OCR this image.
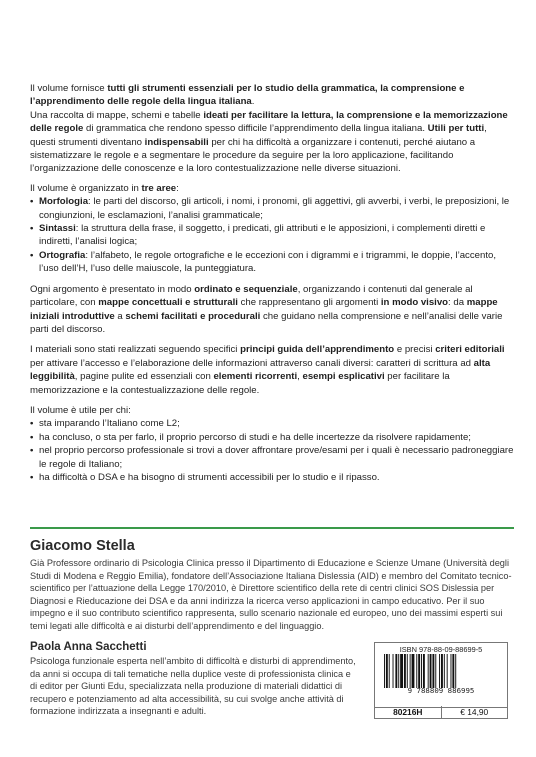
Il volume fornisce tutti gli strumenti essenziali per lo studio della grammatica, la comprensione e l’apprendimento delle regole della lingua italiana.

Una raccolta di mappe, schemi e tabelle ideati per facilitare la lettura, la comprensione e la memorizzazione delle regole di grammatica che rendono spesso difficile l’apprendimento della lingua italiana. Utili per tutti, questi strumenti diventano indispensabili per chi ha difficoltà a organizzare i contenuti, perché aiutano a sistematizzare le regole e a segmentare le procedure da seguire per la loro applicazione, facilitando l’organizzazione delle conoscenze e la loro contestualizzazione nelle diverse situazioni.

Il volume è organizzato in tre aree:

• Morfologia: le parti del discorso, gli articoli, i nomi, i pronomi, gli aggettivi, gli avverbi, i verbi, le preposizioni, le congiunzioni, le esclamazioni, l’analisi grammaticale;
• Sintassi: la struttura della frase, il soggetto, i predicati, gli attributi e le apposizioni, i complementi diretti e indiretti, l’analisi logica;
• Ortografia: l’alfabeto, le regole ortografiche e le eccezioni con i digrammi e i trigrammi, le doppie, l’accento, l’uso dell’H, l’uso delle maiuscole, la punteggiatura.

Ogni argomento è presentato in modo ordinato e sequenziale, organizzando i contenuti dal generale al particolare, con mappe concettuali e strutturali che rappresentano gli argomenti in modo visivo: da mappe iniziali introduttive a schemi facilitati e procedurali che guidano nella comprensione e nell’analisi delle varie parti del discorso.

I materiali sono stati realizzati seguendo specifici principi guida dell’apprendimento e precisi criteri editoriali per attivare l’accesso e l’elaborazione delle informazioni attraverso canali diversi: caratteri di scrittura ad alta leggibilità, pagine pulite ed essenziali con elementi ricorrenti, esempi esplicativi per facilitare la memorizzazione e la contestualizzazione delle regole.

Il volume è utile per chi:

• sta imparando l’Italiano come L2;
• ha concluso, o sta per farlo, il proprio percorso di studi e ha delle incertezze da risolvere rapidamente;
• nel proprio percorso professionale si trovi a dover affrontare prove/esami per i quali è necessario padroneggiare le regole di Italiano;
• ha difficoltà o DSA e ha bisogno di strumenti accessibili per lo studio e il ripasso.

Giacomo Stella

Già Professore ordinario di Psicologia Clinica presso il Dipartimento di Educazione e Scienze Umane (Università degli Studi di Modena e Reggio Emilia), fondatore dell’Associazione Italiana Dislessia (AID) e membro del Comitato tecnico-scientifico per l’attuazione della Legge 170/2010, è Direttore scientifico della rete di centri clinici SOS Dislessia per Diagnosi e Rieducazione dei DSA e da anni indirizza la ricerca verso applicazioni in campo educativo. Per il suo impegno e il suo contributo scientifico rappresenta, sullo scenario nazionale ed europeo, uno dei massimi esperti sui temi legati alle difficoltà e ai disturbi dell’apprendimento e del linguaggio.

Paola Anna Sacchetti

Psicologa funzionale esperta nell’ambito di difficoltà e disturbi di apprendimento, da anni si occupa di tali tematiche nella duplice veste di professionista clinica e di editor per Giunti Edu, specializzata nella produzione di materiali didattici di recupero e potenziamento ad alta accessibilità, su cui svolge anche attività di formazione indirizzata a insegnanti e adulti.

ISBN 978-88-09-88699-5
9 788809 886995
80216H	€ 14,90
